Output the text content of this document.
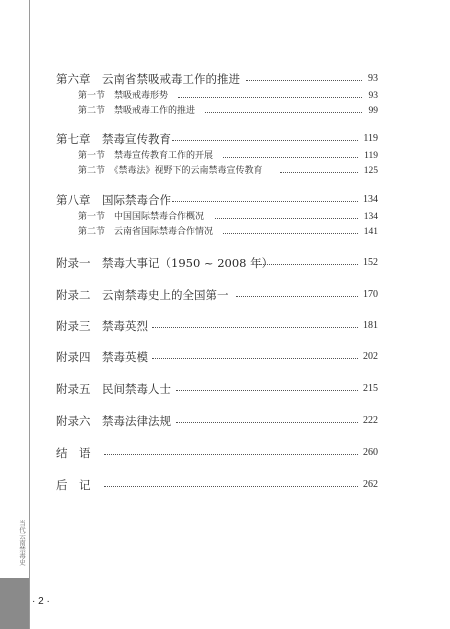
第六章　云南省禁吸戒毒工作的推进	93
第一节　禁吸戒毒形势	93
第二节　禁吸戒毒工作的推进	99
第七章　禁毒宣传教育	119
第一节　禁毒宣传教育工作的开展	119
第二节　《禁毒法》视野下的云南禁毒宣传教育	125
第八章　国际禁毒合作	134
第一节　中国国际禁毒合作概况	134
第二节　云南省国际禁毒合作情况	141
附录一　禁毒大事记（1950 ~ 2008 年）	152
附录二　云南禁毒史上的全国第一	170
附录三　禁毒英烈	181
附录四　禁毒英模	202
附录五　民间禁毒人士	215
附录六　禁毒法律法规	222
结　语	260
后　记	262
当代云南禁毒史
· 2 ·
